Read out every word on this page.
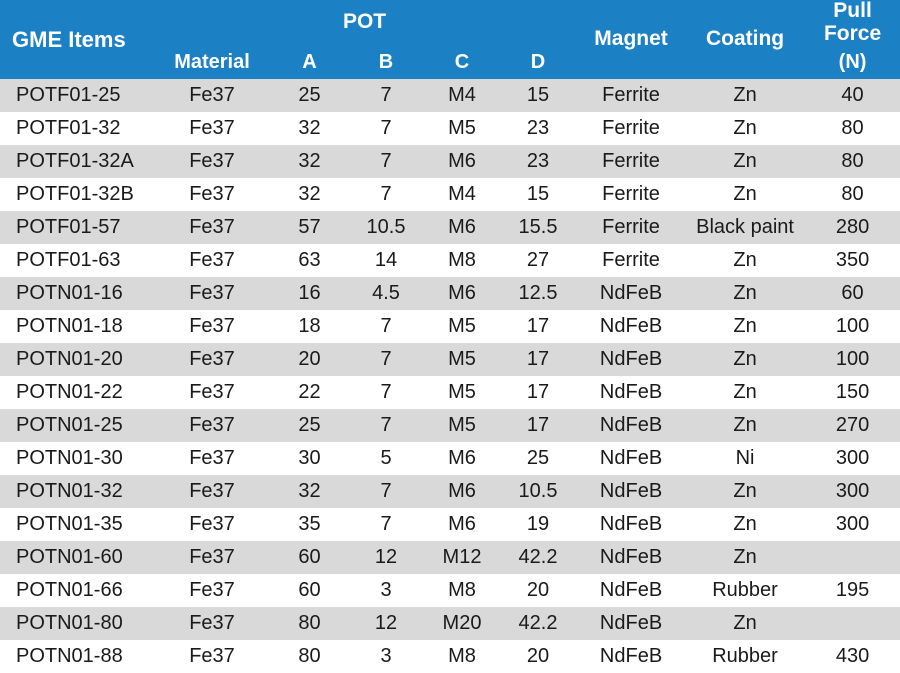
GME Items	POT					Magnet	Coating	Pull Force
	Material	A	B	C	D			(N)
POTF01-25	Fe37	25	7	M4	15	Ferrite	Zn	40
POTF01-32	Fe37	32	7	M5	23	Ferrite	Zn	80
POTF01-32A	Fe37	32	7	M6	23	Ferrite	Zn	80
POTF01-32B	Fe37	32	7	M4	15	Ferrite	Zn	80
POTF01-57	Fe37	57	10.5	M6	15.5	Ferrite	Black paint	280
POTF01-63	Fe37	63	14	M8	27	Ferrite	Zn	350
POTN01-16	Fe37	16	4.5	M6	12.5	NdFeB	Zn	60
POTN01-18	Fe37	18	7	M5	17	NdFeB	Zn	100
POTN01-20	Fe37	20	7	M5	17	NdFeB	Zn	100
POTN01-22	Fe37	22	7	M5	17	NdFeB	Zn	150
POTN01-25	Fe37	25	7	M5	17	NdFeB	Zn	270
POTN01-30	Fe37	30	5	M6	25	NdFeB	Ni	300
POTN01-32	Fe37	32	7	M6	10.5	NdFeB	Zn	300
POTN01-35	Fe37	35	7	M6	19	NdFeB	Zn	300
POTN01-60	Fe37	60	12	M12	42.2	NdFeB	Zn	
POTN01-66	Fe37	60	3	M8	20	NdFeB	Rubber	195
POTN01-80	Fe37	80	12	M20	42.2	NdFeB	Zn	
POTN01-88	Fe37	80	3	M8	20	NdFeB	Rubber	430
